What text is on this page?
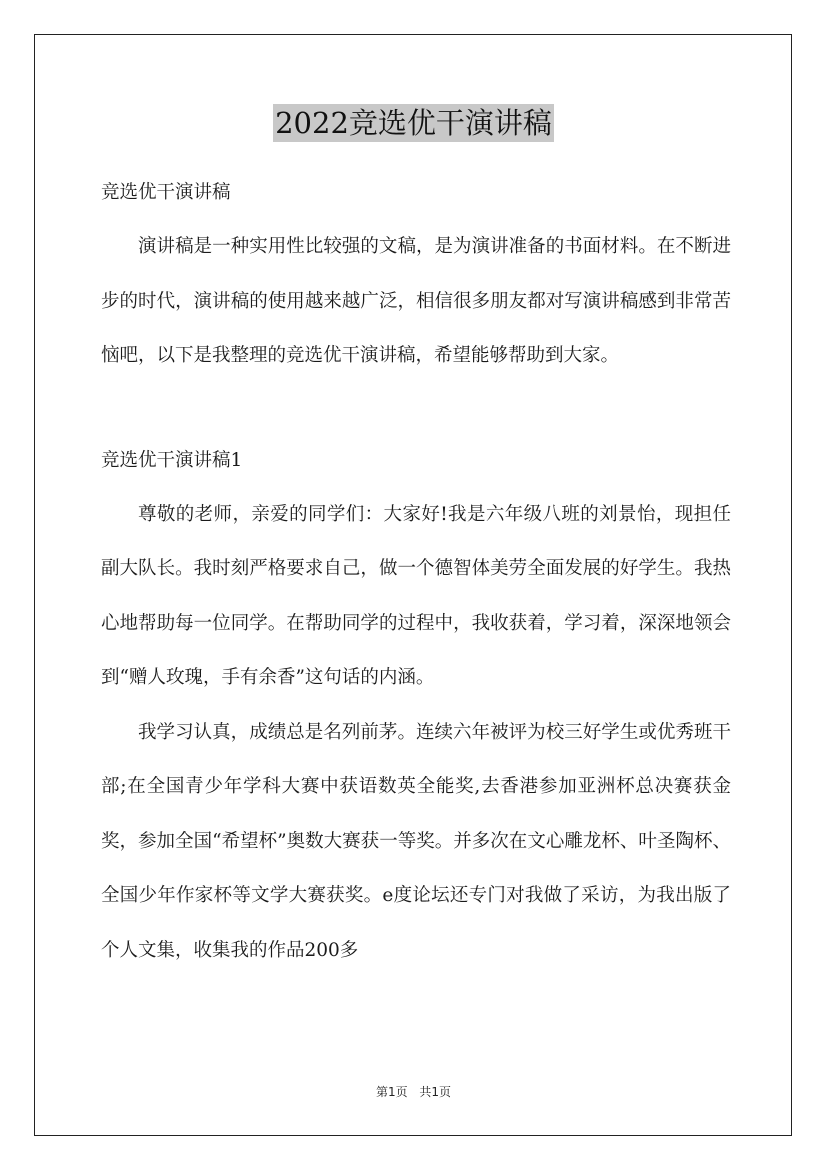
2022竞选优干演讲稿

竞选优干演讲稿

演讲稿是一种实用性比较强的文稿，是为演讲准备的书面材料。在不断进步的时代，演讲稿的使用越来越广泛，相信很多朋友都对写演讲稿感到非常苦恼吧，以下是我整理的竞选优干演讲稿，希望能够帮助到大家。

竞选优干演讲稿1

尊敬的老师，亲爱的同学们：大家好!我是六年级八班的刘景怡，现担任副大队长。我时刻严格要求自己，做一个德智体美劳全面发展的好学生。我热心地帮助每一位同学。在帮助同学的过程中，我收获着，学习着，深深地领会到“赠人玫瑰，手有余香”这句话的内涵。

我学习认真，成绩总是名列前茅。连续六年被评为校三好学生或优秀班干部;在全国青少年学科大赛中获语数英全能奖,去香港参加亚洲杯总决赛获金奖，参加全国“希望杯”奥数大赛获一等奖。并多次在文心雕龙杯、叶圣陶杯、全国少年作家杯等文学大赛获奖。e度论坛还专门对我做了采访，为我出版了个人文集，收集我的作品200多

第1页 共1页
